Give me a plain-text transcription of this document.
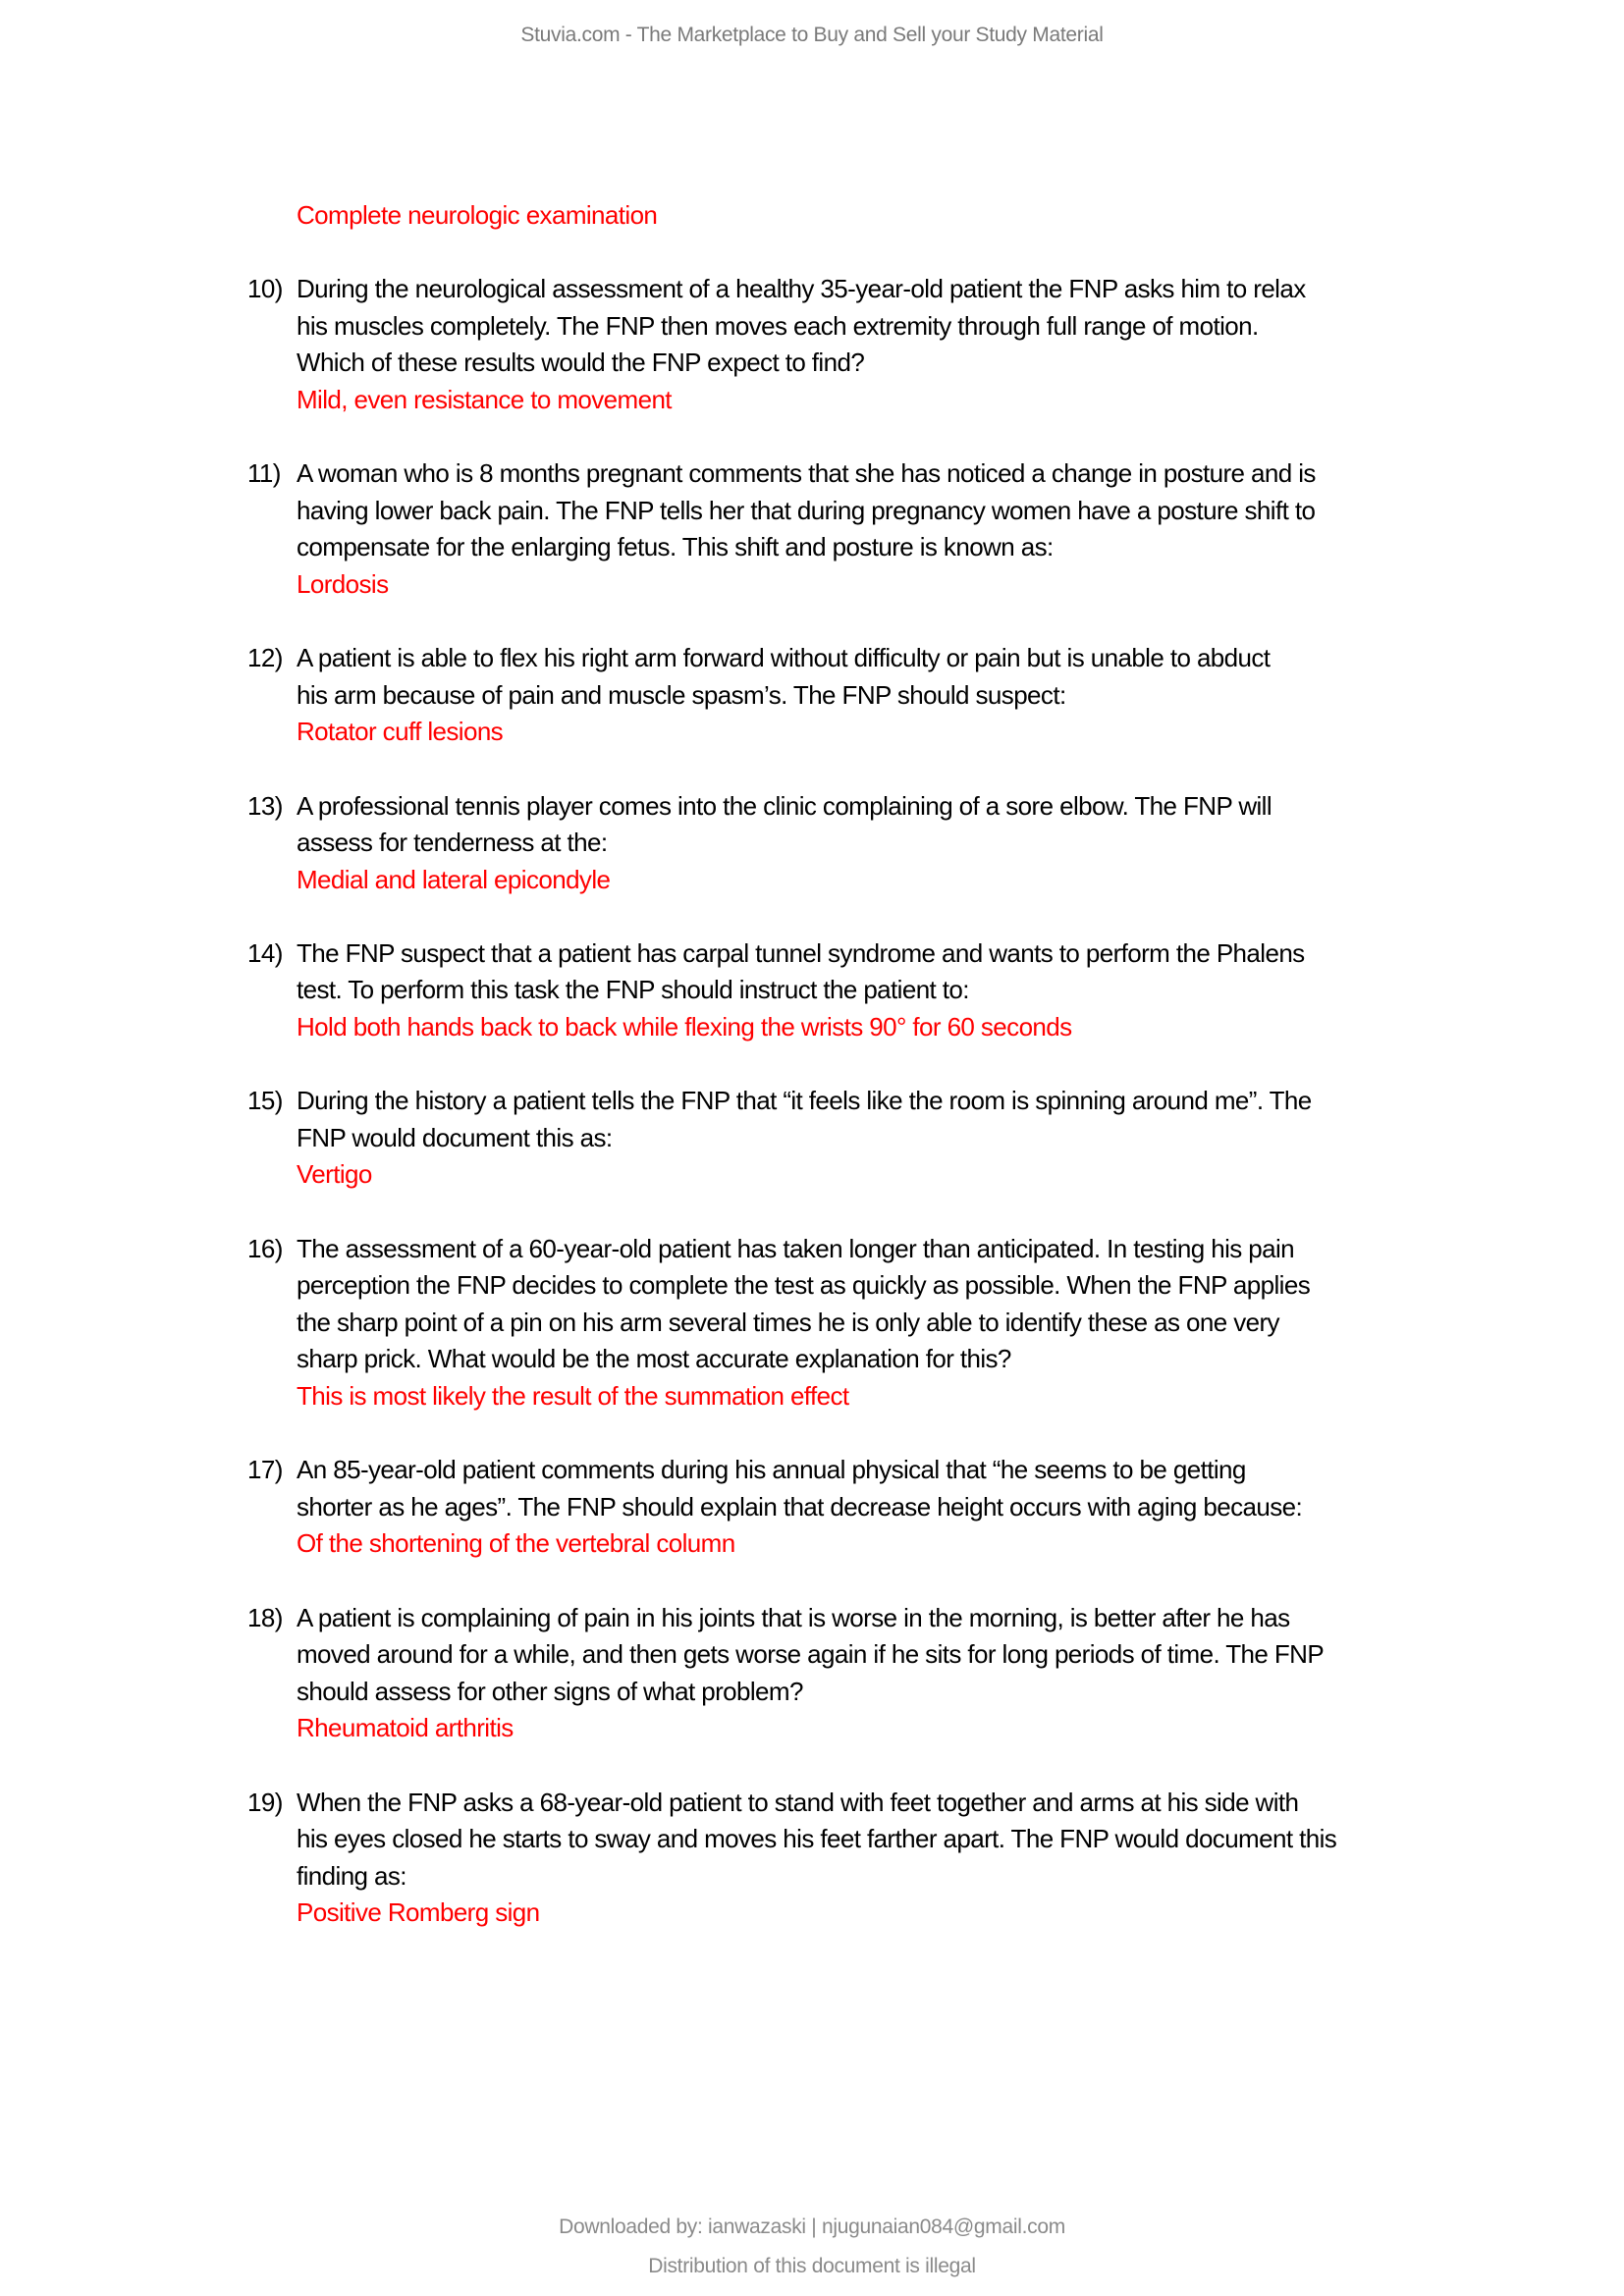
Stuvia.com - The Marketplace to Buy and Sell your Study Material
Complete neurologic examination
10) During the neurological assessment of a healthy 35-year-old patient the FNP asks him to relax
his muscles completely. The FNP then moves each extremity through full range of motion.
Which of these results would the FNP expect to find?
Mild, even resistance to movement
11) A woman who is 8 months pregnant comments that she has noticed a change in posture and is
having lower back pain. The FNP tells her that during pregnancy women have a posture shift to
compensate for the enlarging fetus. This shift and posture is known as:
Lordosis
12) A patient is able to flex his right arm forward without difficulty or pain but is unable to abduct
his arm because of pain and muscle spasm’s. The FNP should suspect:
Rotator cuff lesions
13) A professional tennis player comes into the clinic complaining of a sore elbow. The FNP will
assess for tenderness at the:
Medial and lateral epicondyle
14) The FNP suspect that a patient has carpal tunnel syndrome and wants to perform the Phalens
test. To perform this task the FNP should instruct the patient to:
Hold both hands back to back while flexing the wrists 90° for 60 seconds
15) During the history a patient tells the FNP that “it feels like the room is spinning around me”. The
FNP would document this as:
Vertigo
16) The assessment of a 60-year-old patient has taken longer than anticipated. In testing his pain
perception the FNP decides to complete the test as quickly as possible. When the FNP applies
the sharp point of a pin on his arm several times he is only able to identify these as one very
sharp prick. What would be the most accurate explanation for this?
This is most likely the result of the summation effect
17) An 85-year-old patient comments during his annual physical that “he seems to be getting
shorter as he ages”. The FNP should explain that decrease height occurs with aging because:
Of the shortening of the vertebral column
18) A patient is complaining of pain in his joints that is worse in the morning, is better after he has
moved around for a while, and then gets worse again if he sits for long periods of time. The FNP
should assess for other signs of what problem?
Rheumatoid arthritis
19) When the FNP asks a 68-year-old patient to stand with feet together and arms at his side with
his eyes closed he starts to sway and moves his feet farther apart. The FNP would document this
finding as:
Positive Romberg sign
Downloaded by: ianwazaski | njugunaian084@gmail.com
Distribution of this document is illegal
